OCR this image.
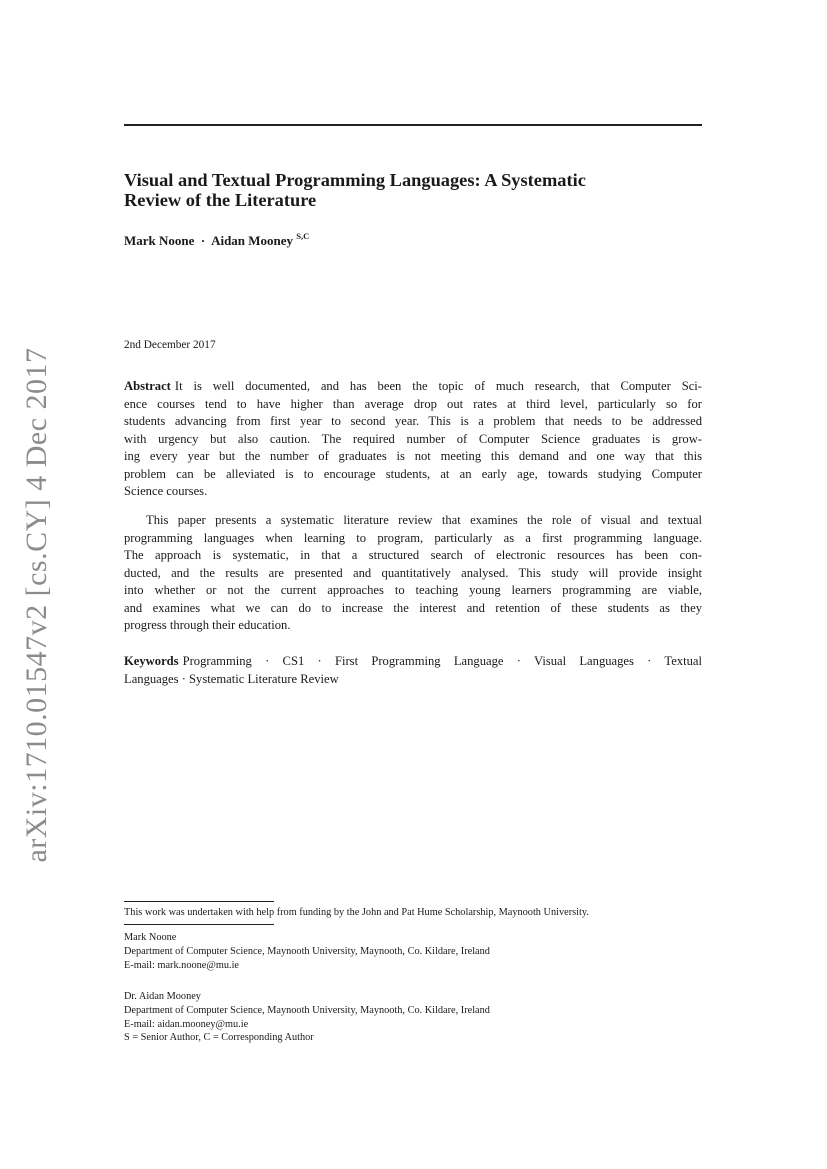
arXiv:1710.01547v2 [cs.CY] 4 Dec 2017
Visual and Textual Programming Languages: A Systematic
Review of the Literature
Mark Noone · Aidan Mooney $^{S,C}$
2nd December 2017
Abstract It is well documented, and has been the topic of much research, that Computer Sci-
ence courses tend to have higher than average drop out rates at third level, particularly so for
students advancing from first year to second year. This is a problem that needs to be addressed
with urgency but also caution. The required number of Computer Science graduates is grow-
ing every year but the number of graduates is not meeting this demand and one way that this
problem can be alleviated is to encourage students, at an early age, towards studying Computer
Science courses.
This paper presents a systematic literature review that examines the role of visual and textual
programming languages when learning to program, particularly as a first programming language.
The approach is systematic, in that a structured search of electronic resources has been con-
ducted, and the results are presented and quantitatively analysed. This study will provide insight
into whether or not the current approaches to teaching young learners programming are viable,
and examines what we can do to increase the interest and retention of these students as they
progress through their education.
Keywords Programming · CS1 · First Programming Language · Visual Languages · Textual
Languages · Systematic Literature Review
This work was undertaken with help from funding by the John and Pat Hume Scholarship, Maynooth University.
Mark Noone
Department of Computer Science, Maynooth University, Maynooth, Co. Kildare, Ireland
E-mail: mark.noone@mu.ie
Dr. Aidan Mooney
Department of Computer Science, Maynooth University, Maynooth, Co. Kildare, Ireland
E-mail: aidan.mooney@mu.ie
S = Senior Author, C = Corresponding Author
